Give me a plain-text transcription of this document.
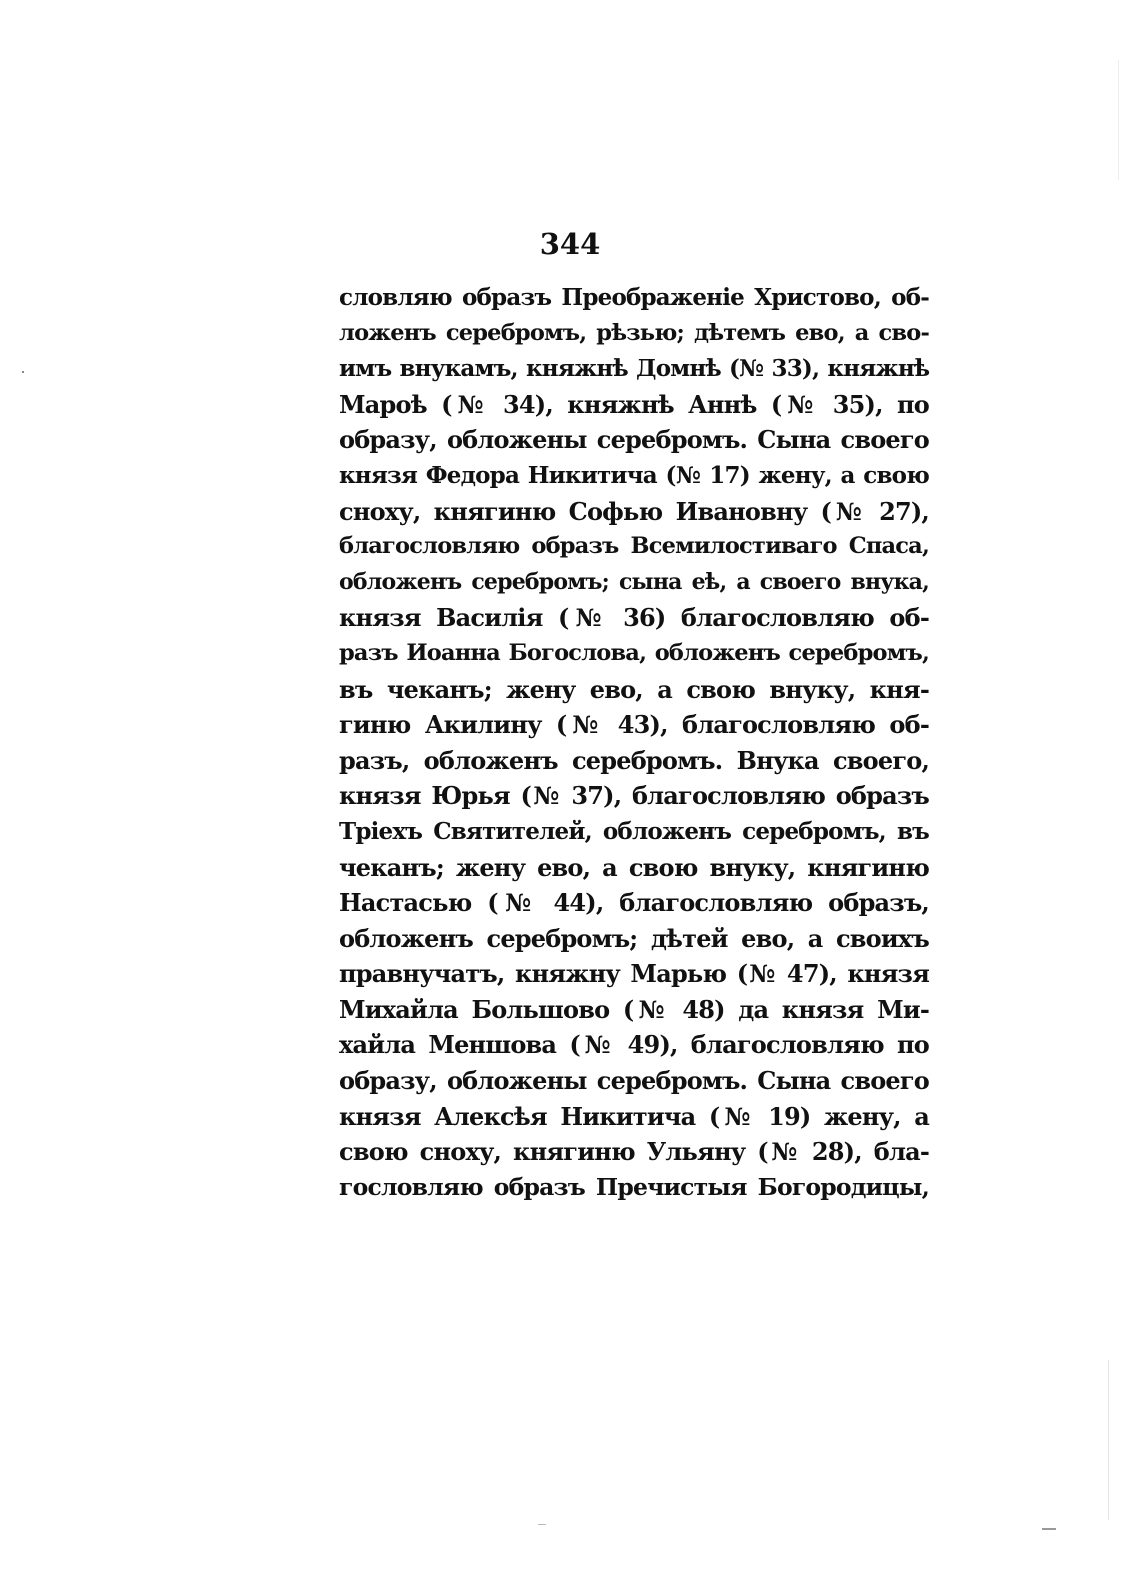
344
словляю образъ Преображеніе Христово, об-
ложенъ серебромъ, рѣзью; дѣтемъ ево, а сво-
имъ внукамъ, княжнѣ Домнѣ (№ 33), княжнѣ
Мароѣ (№ 34), княжнѣ Аннѣ (№ 35), по
образу, обложены серебромъ. Сына своего
князя Федора Никитича (№ 17) жену, а свою
сноху, княгиню Софью Ивановну (№ 27),
благословляю образъ Всемилостиваго Спаса,
обложенъ серебромъ; сына еѣ, а своего внука,
князя Василія (№ 36) благословляю об-
разъ Иоанна Богослова, обложенъ серебромъ,
въ чеканъ; жену ево, а свою внуку, кня-
гиню Акилину (№ 43), благословляю об-
разъ, обложенъ серебромъ. Внука своего,
князя Юрья (№ 37), благословляю образъ
Тріехъ Святителей, обложенъ серебромъ, въ
чеканъ; жену ево, а свою внуку, княгиню
Настасью (№ 44), благословляю образъ,
обложенъ серебромъ; дѣтей ево, а своихъ
правнучатъ, княжну Марью (№ 47), князя
Михайла Большово (№ 48) да князя Ми-
хайла Меншова (№ 49), благословляю по
образу, обложены серебромъ. Сына своего
князя Алексѣя Никитича (№ 19) жену, а
свою сноху, княгиню Ульяну (№ 28), бла-
гословляю образъ Пречистыя Богородицы,
